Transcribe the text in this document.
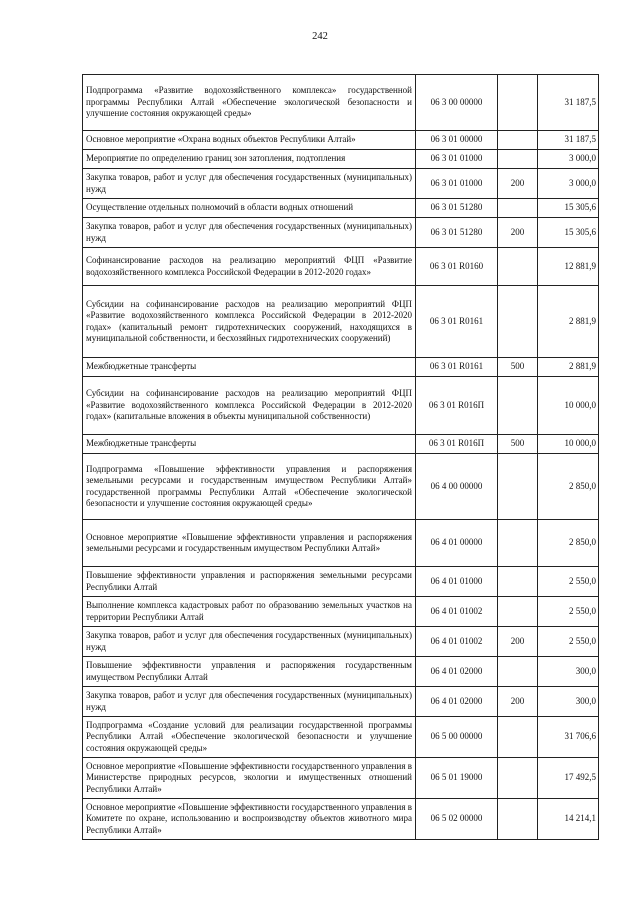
242
Подпрограмма «Развитие водохозяйственного комплекса» государственной программы Республики Алтай «Обеспечение экологической безопасности и улучшение состояния окружающей среды»	06 3 00 00000		31 187,5
Основное мероприятие «Охрана водных объектов Республики Алтай»	06 3 01 00000		31 187,5
Мероприятие по определению границ зон затопления, подтопления	06 3 01 01000		3 000,0
Закупка товаров, работ и услуг для обеспечения государственных (муниципальных) нужд	06 3 01 01000	200	3 000,0
Осуществление отдельных полномочий в области водных отношений	06 3 01 51280		15 305,6
Закупка товаров, работ и услуг для обеспечения государственных (муниципальных) нужд	06 3 01 51280	200	15 305,6
Софинансирование расходов на реализацию мероприятий ФЦП «Развитие водохозяйственного комплекса Российской Федерации в 2012-2020 годах»	06 3 01 R0160		12 881,9
Субсидии на софинансирование расходов на реализацию мероприятий ФЦП «Развитие водохозяйственного комплекса Российской Федерации в 2012-2020 годах» (капитальный ремонт гидротехнических сооружений, находящихся в муниципальной собственности, и бесхозяйных гидротехнических сооружений)	06 3 01 R0161		2 881,9
Межбюджетные трансферты	06 3 01 R0161	500	2 881,9
Субсидии на софинансирование расходов на реализацию мероприятий ФЦП «Развитие водохозяйственного комплекса Российской Федерации в 2012-2020 годах» (капитальные вложения в объекты муниципальной собственности)	06 3 01 R016П		10 000,0
Межбюджетные трансферты	06 3 01 R016П	500	10 000,0
Подпрограмма «Повышение эффективности управления и распоряжения земельными ресурсами и государственным имуществом Республики Алтай» государственной программы Республики Алтай «Обеспечение экологической безопасности и улучшение состояния окружающей среды»	06 4 00 00000		2 850,0
Основное мероприятие «Повышение эффективности управления и распоряжения земельными ресурсами и государственным имуществом Республики Алтай»	06 4 01 00000		2 850,0
Повышение эффективности управления и распоряжения земельными ресурсами Республики Алтай	06 4 01 01000		2 550,0
Выполнение комплекса кадастровых работ по образованию земельных участков на территории Республики Алтай	06 4 01 01002		2 550,0
Закупка товаров, работ и услуг для обеспечения государственных (муниципальных) нужд	06 4 01 01002	200	2 550,0
Повышение эффективности управления и распоряжения государственным имуществом Республики Алтай	06 4 01 02000		300,0
Закупка товаров, работ и услуг для обеспечения государственных (муниципальных) нужд	06 4 01 02000	200	300,0
Подпрограмма «Создание условий для реализации государственной программы Республики Алтай «Обеспечение экологической безопасности и улучшение состояния окружающей среды»	06 5 00 00000		31 706,6
Основное мероприятие «Повышение эффективности государственного управления в Министерстве природных ресурсов, экологии и имущественных отношений Республики Алтай»	06 5 01 19000		17 492,5
Основное мероприятие «Повышение эффективности государственного управления в Комитете по охране, использованию и воспроизводству объектов животного мира Республики Алтай»	06 5 02 00000		14 214,1
